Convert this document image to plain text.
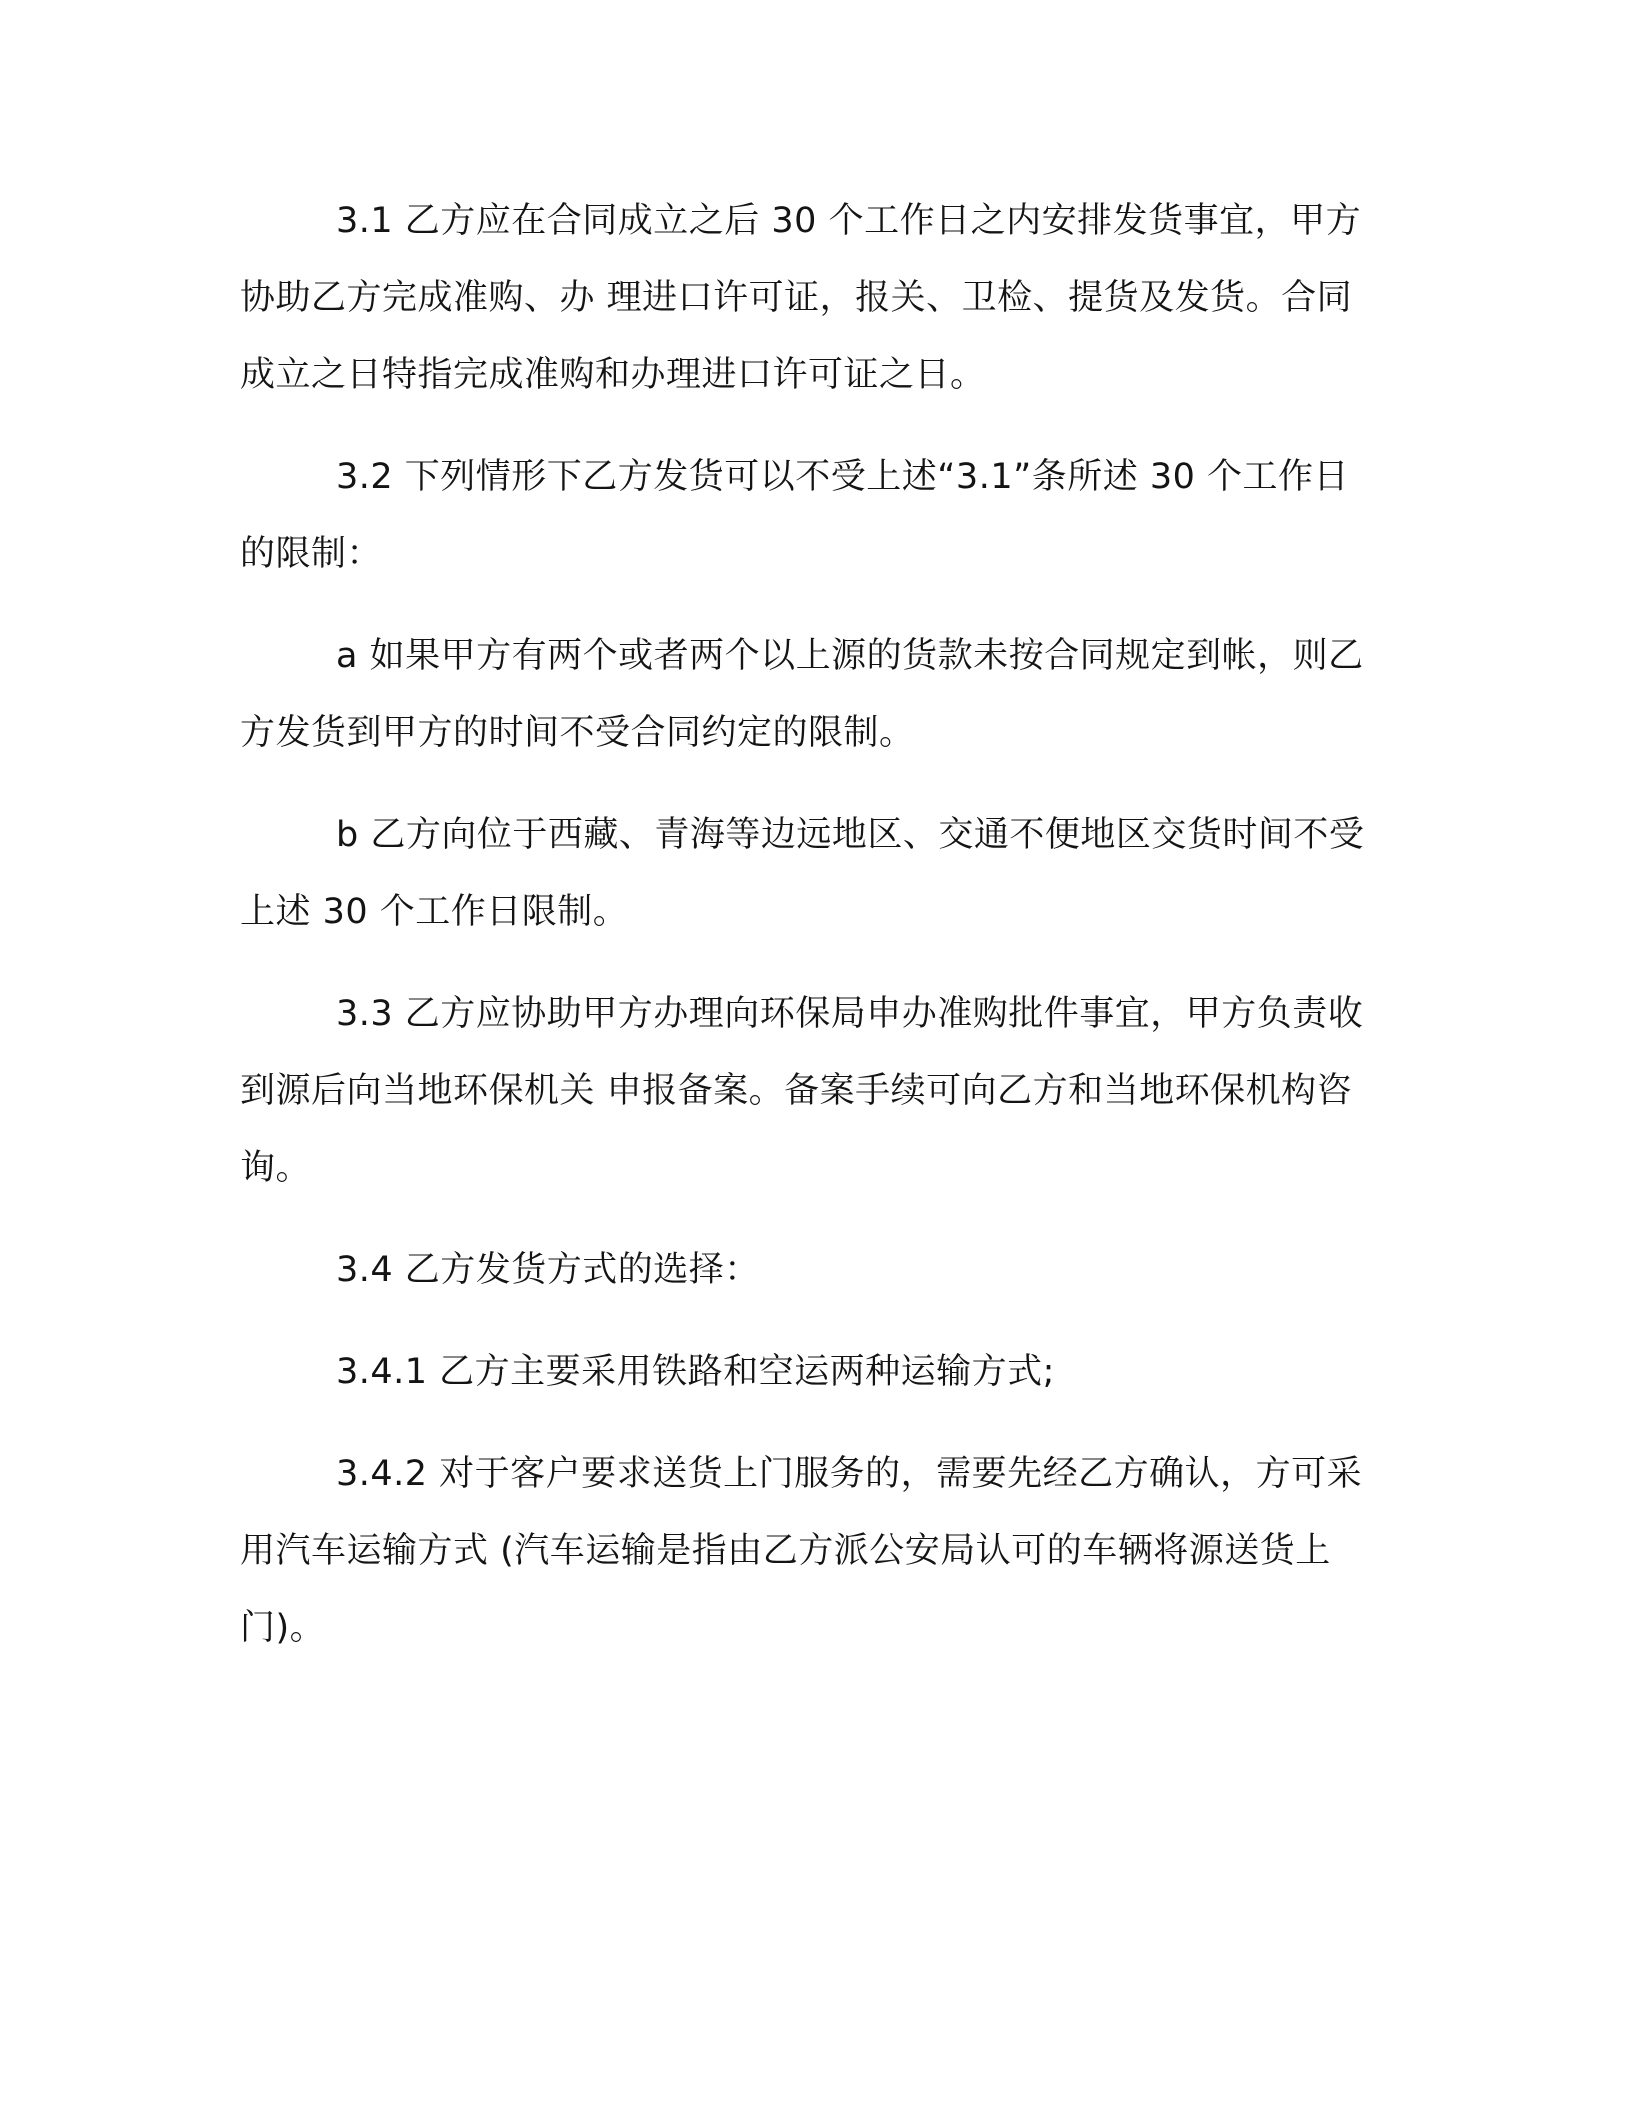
3.1 乙方应在合同成立之后 30 个工作日之内安排发货事宜，甲方协助乙方完成准购、办 理进口许可证，报关、卫检、提货及发货。合同成立之日特指完成准购和办理进口许可证之日。

3.2 下列情形下乙方发货可以不受上述“3.1”条所述 30 个工作日的限制：

a 如果甲方有两个或者两个以上源的货款未按合同规定到帐，则乙方发货到甲方的时间不受合同约定的限制。

b 乙方向位于西藏、青海等边远地区、交通不便地区交货时间不受上述 30 个工作日限制。

3.3 乙方应协助甲方办理向环保局申办准购批件事宜，甲方负责收到源后向当地环保机关 申报备案。备案手续可向乙方和当地环保机构咨询。

3.4 乙方发货方式的选择：

3.4.1 乙方主要采用铁路和空运两种运输方式;

3.4.2 对于客户要求送货上门服务的，需要先经乙方确认，方可采用汽车运输方式 (汽车运输是指由乙方派公安局认可的车辆将源送货上门)。
